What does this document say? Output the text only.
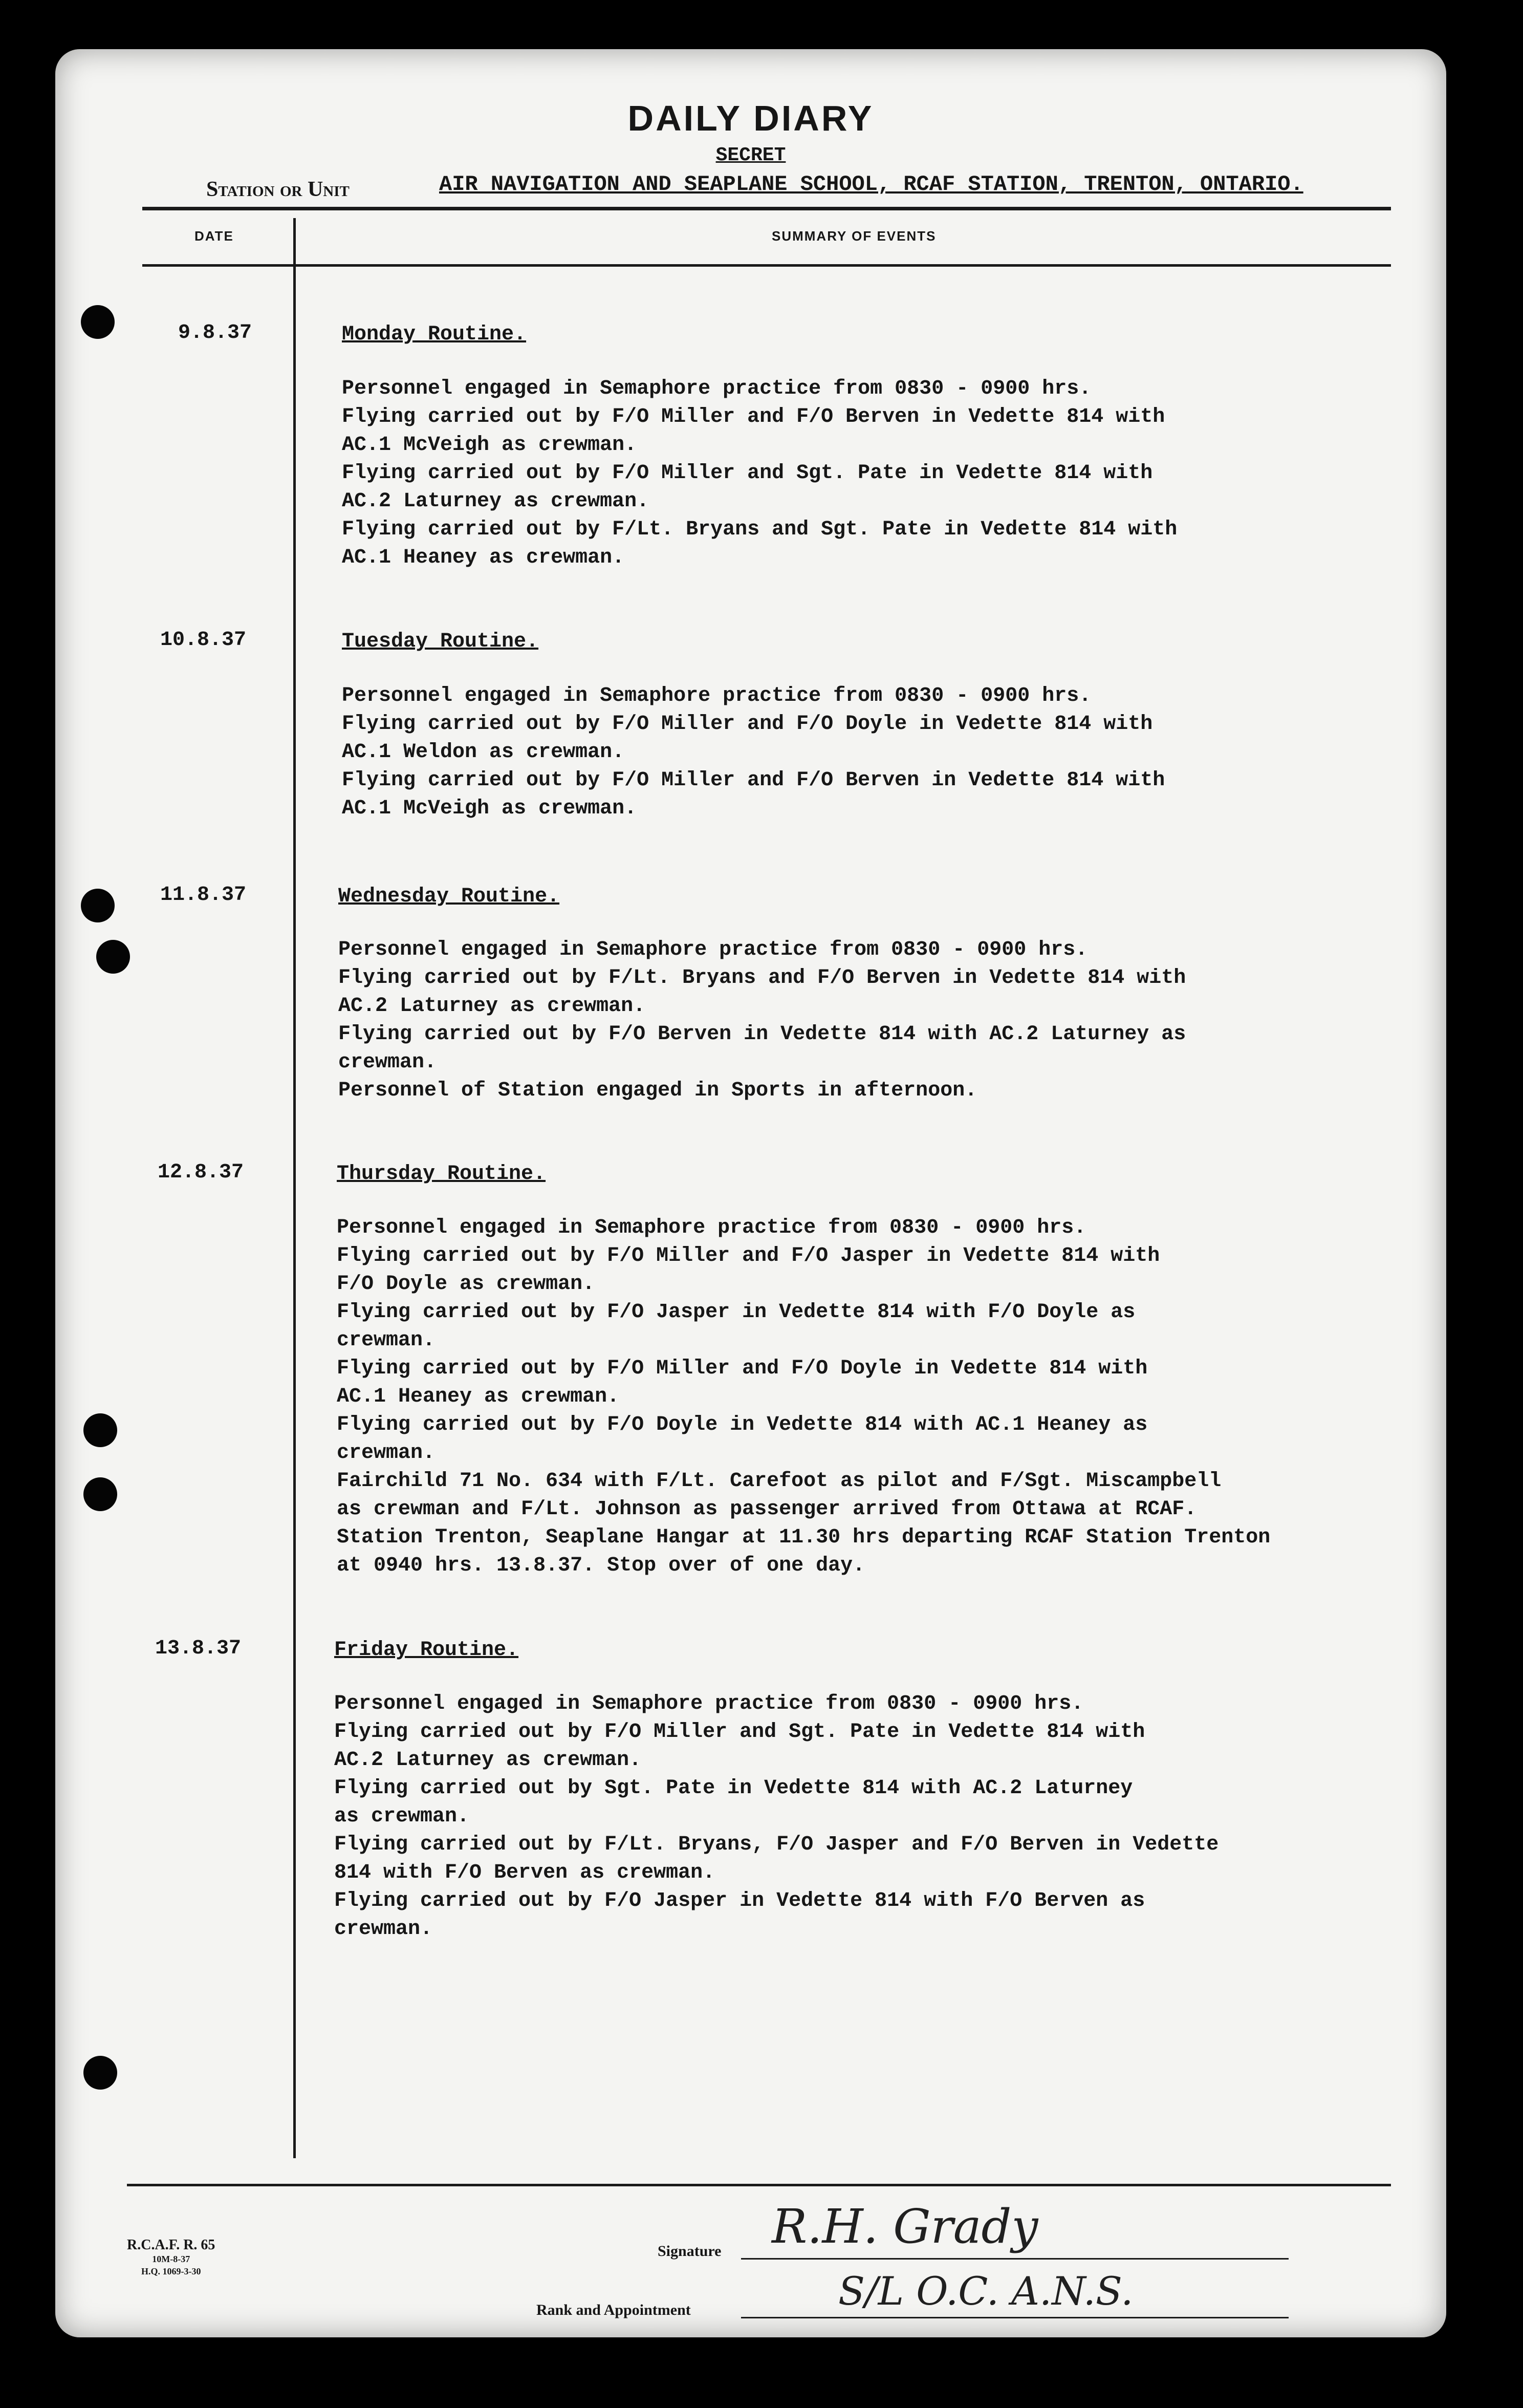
DAILY DIARY
SECRET
Station or Unit	AIR NAVIGATION AND SEAPLANE SCHOOL, RCAF STATION, TRENTON, ONTARIO.
DATE	SUMMARY OF EVENTS
9.8.37	Monday Routine.
Personnel engaged in Semaphore practice from 0830 - 0900 hrs.
Flying carried out by F/O Miller and F/O Berven in Vedette 814 with
AC.1 McVeigh as crewman.
Flying carried out by F/O Miller and Sgt. Pate in Vedette 814 with
AC.2 Laturney as crewman.
Flying carried out by F/Lt. Bryans and Sgt. Pate in Vedette 814 with
AC.1 Heaney as crewman.
10.8.37	Tuesday Routine.
Personnel engaged in Semaphore practice from 0830 - 0900 hrs.
Flying carried out by F/O Miller and F/O Doyle in Vedette 814 with
AC.1 Weldon as crewman.
Flying carried out by F/O Miller and F/O Berven in Vedette 814 with
AC.1 McVeigh as crewman.
11.8.37	Wednesday Routine.
Personnel engaged in Semaphore practice from 0830 - 0900 hrs.
Flying carried out by F/Lt. Bryans and F/O Berven in Vedette 814 with
AC.2 Laturney as crewman.
Flying carried out by F/O Berven in Vedette 814 with AC.2 Laturney as
crewman.
Personnel of Station engaged in Sports in afternoon.
12.8.37	Thursday Routine.
Personnel engaged in Semaphore practice from 0830 - 0900 hrs.
Flying carried out by F/O Miller and F/O Jasper in Vedette 814 with
F/O Doyle as crewman.
Flying carried out by F/O Jasper in Vedette 814 with F/O Doyle as
crewman.
Flying carried out by F/O Miller and F/O Doyle in Vedette 814 with
AC.1 Heaney as crewman.
Flying carried out by F/O Doyle in Vedette 814 with AC.1 Heaney as
crewman.
Fairchild 71 No. 634 with F/Lt. Carefoot as pilot and F/Sgt. Miscampbell
as crewman and F/Lt. Johnson as passenger arrived from Ottawa at RCAF.
Station Trenton, Seaplane Hangar at 11.30 hrs departing RCAF Station Trenton
at 0940 hrs. 13.8.37. Stop over of one day.
13.8.37	Friday Routine.
Personnel engaged in Semaphore practice from 0830 - 0900 hrs.
Flying carried out by F/O Miller and Sgt. Pate in Vedette 814 with
AC.2 Laturney as crewman.
Flying carried out by Sgt. Pate in Vedette 814 with AC.2 Laturney
as crewman.
Flying carried out by F/Lt. Bryans, F/O Jasper and F/O Berven in Vedette
814 with F/O Berven as crewman.
Flying carried out by F/O Jasper in Vedette 814 with F/O Berven as
crewman.
R.C.A.F. R. 65
10M-8-37
H.Q. 1069-3-30
Signature R.H. Grady
Rank and Appointment	S/L O.C. A.N.S.
